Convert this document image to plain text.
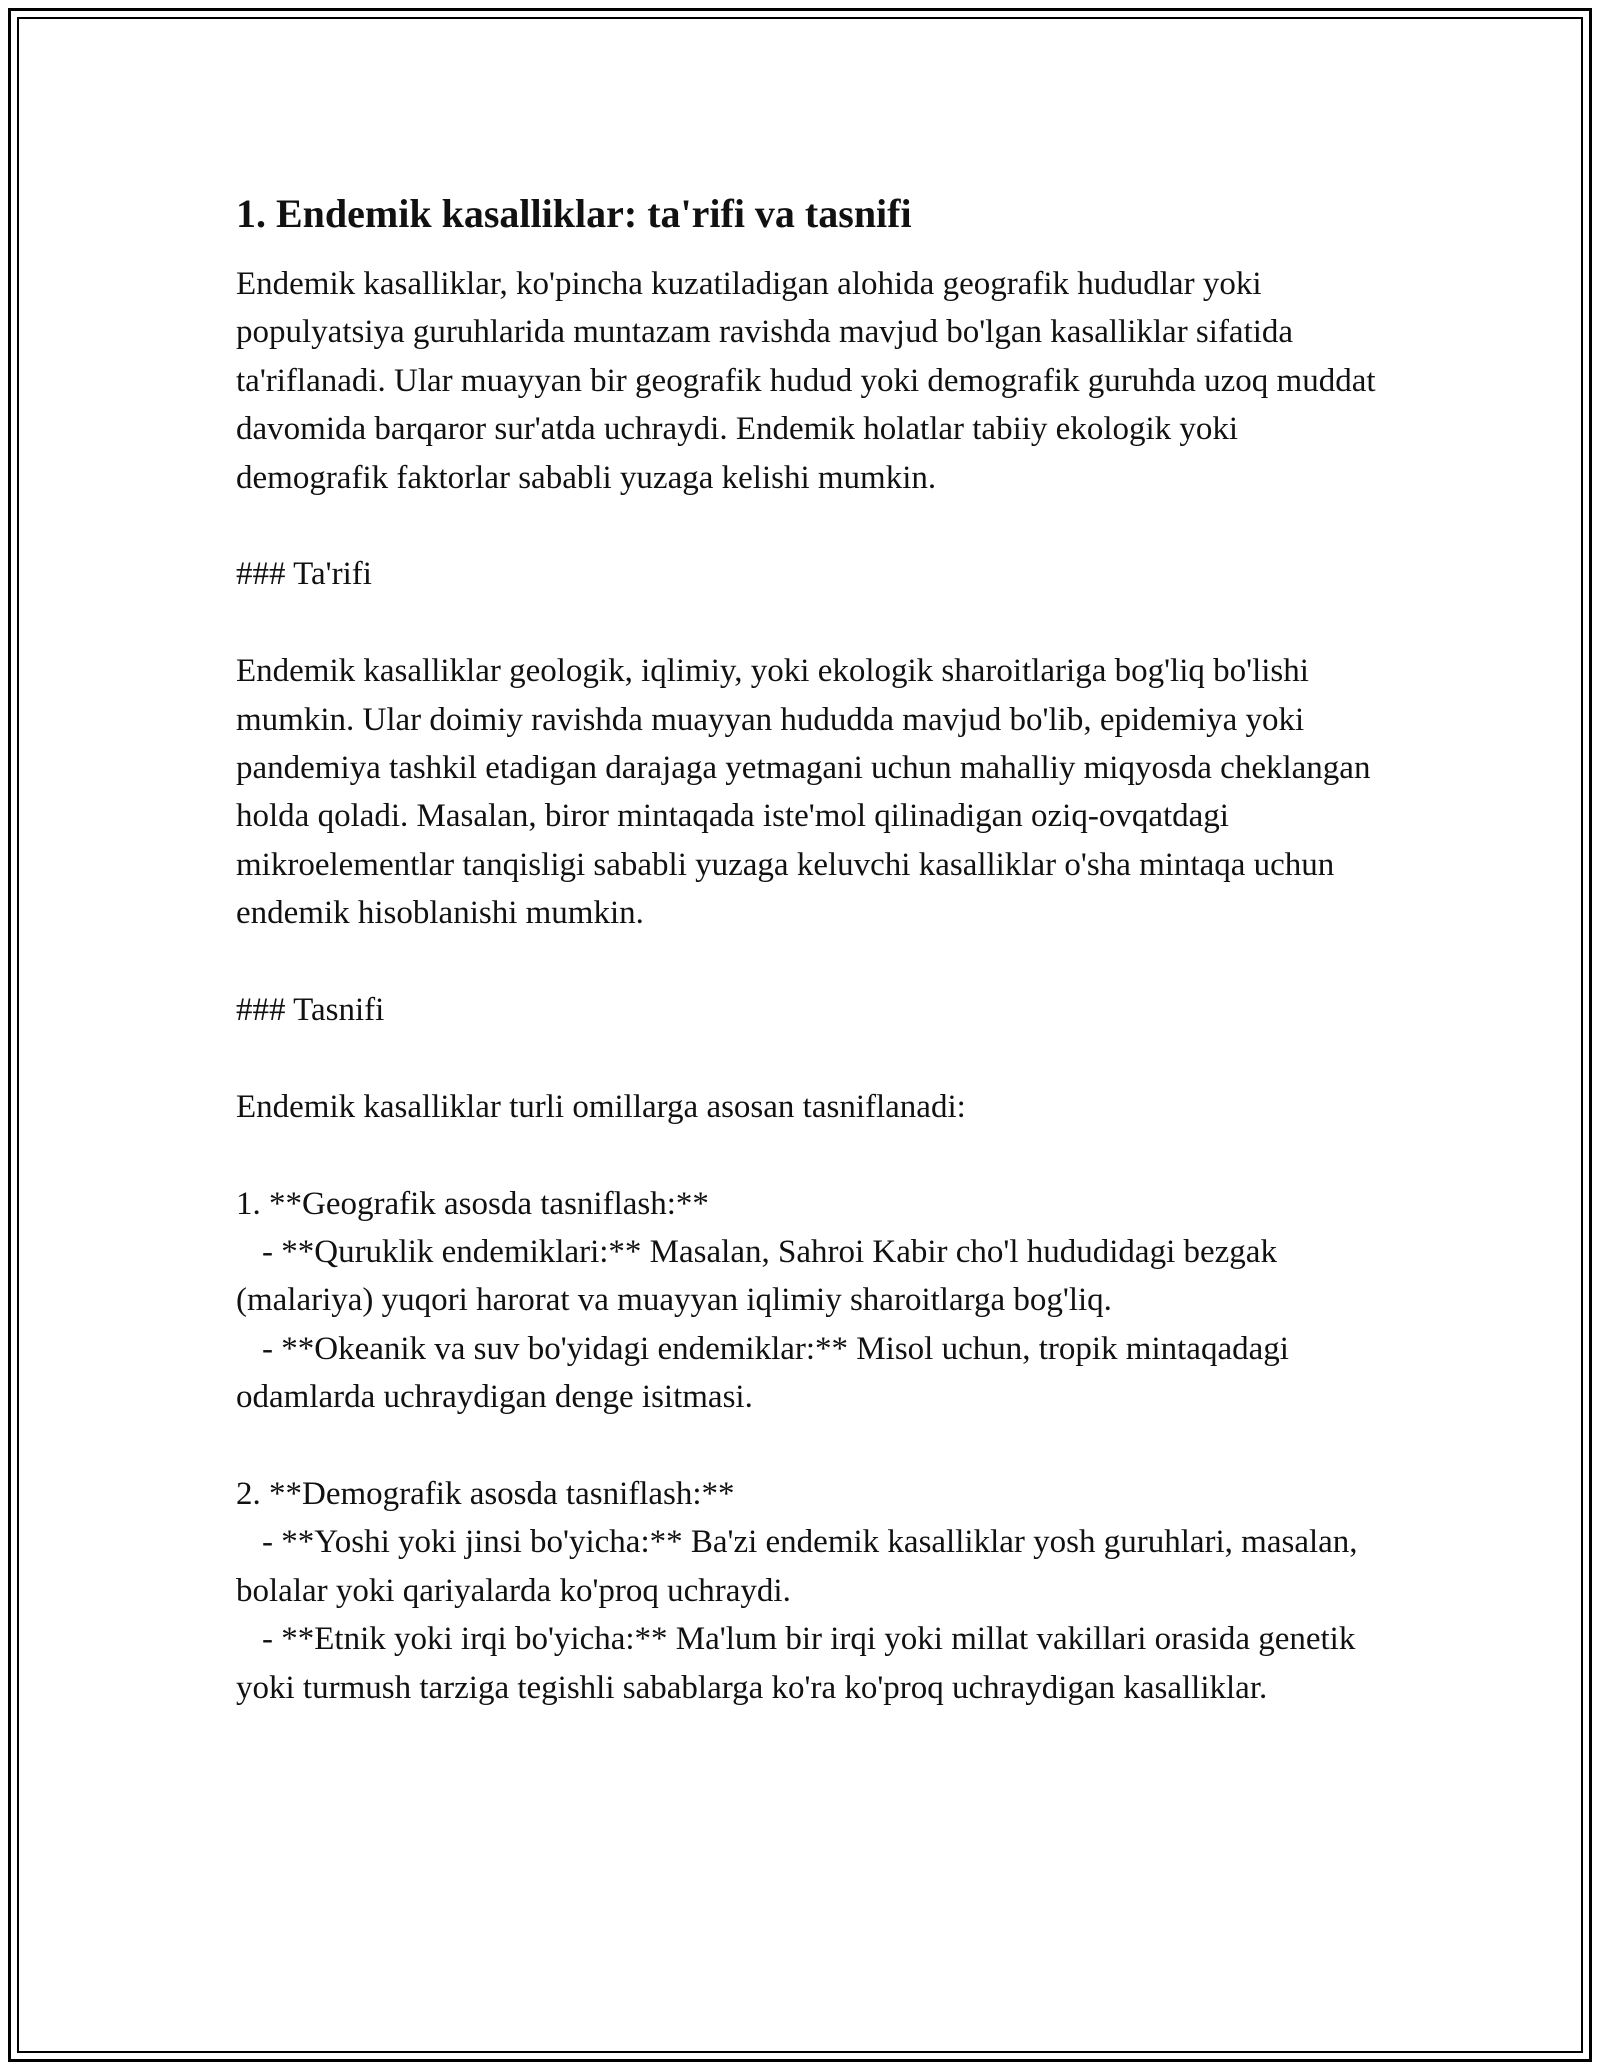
1. Endemik kasalliklar: ta'rifi va tasnifi

Endemik kasalliklar, ko'pincha kuzatiladigan alohida geografik hududlar yoki populyatsiya guruhlarida muntazam ravishda mavjud bo'lgan kasalliklar sifatida ta'riflanadi. Ular muayyan bir geografik hudud yoki demografik guruhda uzoq muddat davomida barqaror sur'atda uchraydi. Endemik holatlar tabiiy ekologik yoki demografik faktorlar sababli yuzaga kelishi mumkin.

### Ta'rifi

Endemik kasalliklar geologik, iqlimiy, yoki ekologik sharoitlariga bog'liq bo'lishi mumkin. Ular doimiy ravishda muayyan hududda mavjud bo'lib, epidemiya yoki pandemiya tashkil etadigan darajaga yetmagani uchun mahalliy miqyosda cheklangan holda qoladi. Masalan, biror mintaqada iste'mol qilinadigan oziq-ovqatdagi mikroelementlar tanqisligi sababli yuzaga keluvchi kasalliklar o'sha mintaqa uchun endemik hisoblanishi mumkin.

### Tasnifi

Endemik kasalliklar turli omillarga asosan tasniflanadi:

1. **Geografik asosda tasniflash:**

- **Quruklik endemiklari:** Masalan, Sahroi Kabir cho'l hududidagi bezgak (malariya) yuqori harorat va muayyan iqlimiy sharoitlarga bog'liq.

- **Okeanik va suv bo'yidagi endemiklar:** Misol uchun, tropik mintaqadagi odamlarda uchraydigan denge isitmasi.

2. **Demografik asosda tasniflash:**

- **Yoshi yoki jinsi bo'yicha:** Ba'zi endemik kasalliklar yosh guruhlari, masalan, bolalar yoki qariyalarda ko'proq uchraydi.

- **Etnik yoki irqi bo'yicha:** Ma'lum bir irqi yoki millat vakillari orasida genetik yoki turmush tarziga tegishli sabablarga ko'ra ko'proq uchraydigan kasalliklar.
